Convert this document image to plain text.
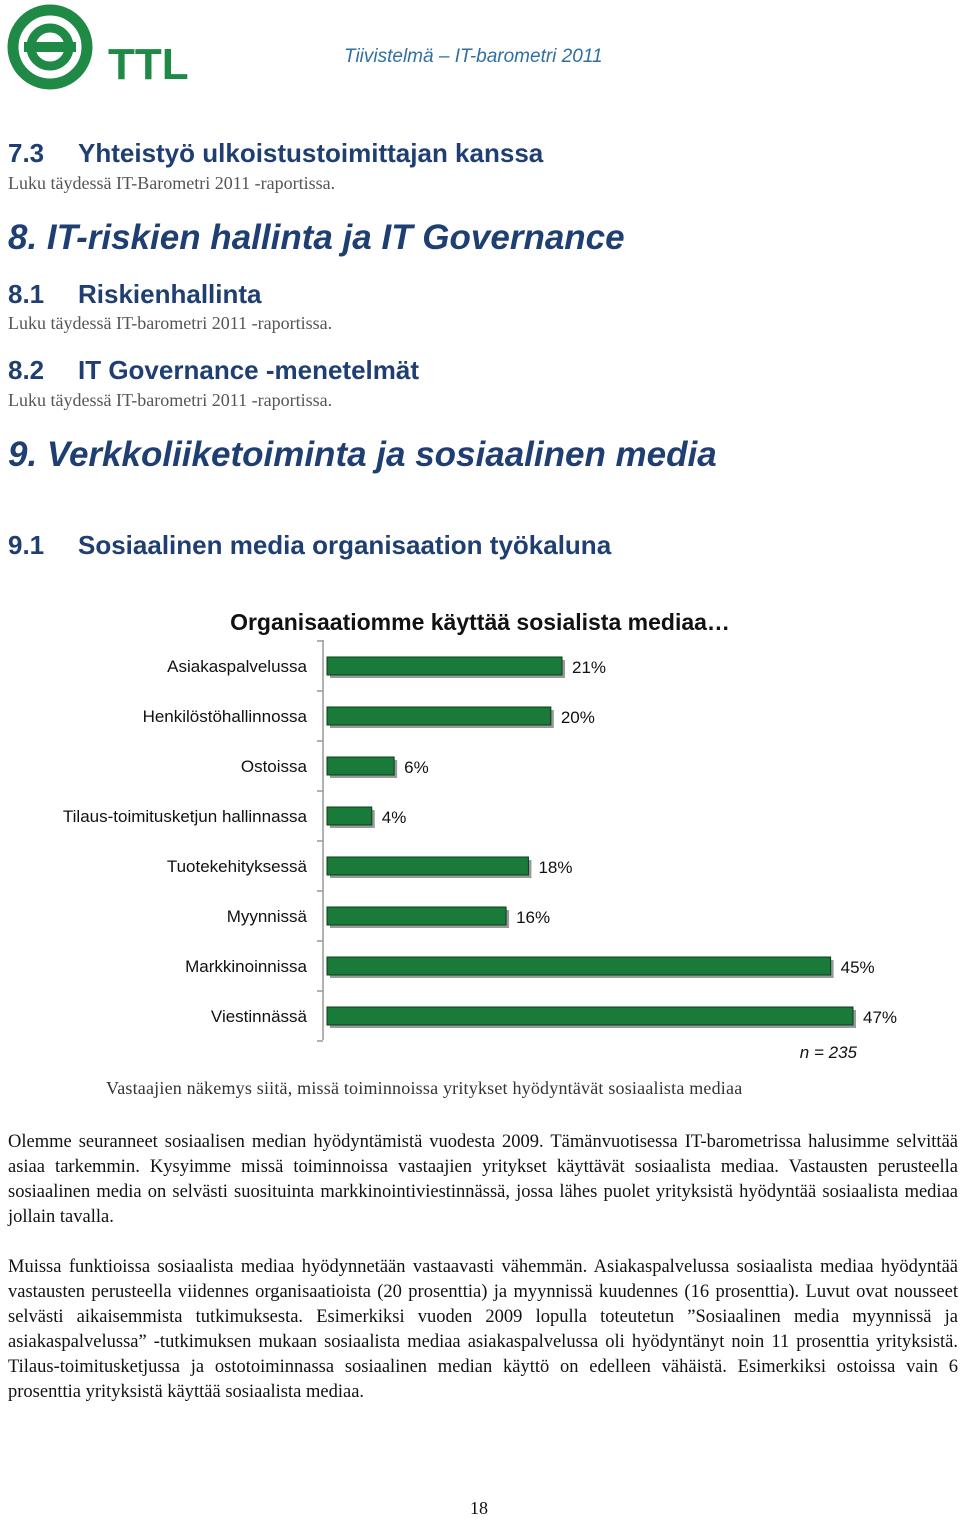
TTL	Tiivistelmä – IT-barometri 2011
7.3 Yhteistyö ulkoistustoimittajan kanssa
Luku täydessä IT-Barometri 2011 -raportissa.
8. IT-riskien hallinta ja IT Governance
8.1 Riskienhallinta
Luku täydessä IT-barometri 2011 -raportissa.
8.2 IT Governance -menetelmät
Luku täydessä IT-barometri 2011 -raportissa.
9. Verkkoliiketoiminta ja sosiaalinen media
9.1 Sosiaalinen media organisaation työkaluna
Organisaatiomme käyttää sosialista mediaa…
Asiakaspalvelussa	21%
Henkilöstöhallinnossa	20%
Ostoissa	6%
Tilaus-toimitusketjun hallinnassa	4%
Tuotekehityksessä	18%
Myynnissä	16%
Markkinoinnissa	45%
Viestinnässä	47%
n = 235
Vastaajien näkemys siitä, missä toiminnoissa yritykset hyödyntävät sosiaalista mediaa

Olemme seuranneet sosiaalisen median hyödyntämistä vuodesta 2009. Tämänvuotisessa IT-barometrissa halusimme selvittää asiaa tarkemmin. Kysyimme missä toiminnoissa vastaajien yritykset käyttävät sosiaalista mediaa. Vastausten perusteella sosiaalinen media on selvästi suosituinta markkinointiviestinnässä, jossa lähes puolet yrityksistä hyödyntää sosiaalista mediaa jollain tavalla.

Muissa funktioissa sosiaalista mediaa hyödynnetään vastaavasti vähemmän. Asiakaspalvelussa sosiaalista mediaa hyödyntää vastausten perusteella viidennes organisaatioista (20 prosenttia) ja myynnissä kuudennes (16 prosenttia). Luvut ovat nousseet selvästi aikaisemmista tutkimuksesta. Esimerkiksi vuoden 2009 lopulla toteutetun ”Sosiaalinen media myynnissä ja asiakaspalvelussa” -tutkimuksen mukaan sosiaalista mediaa asiakaspalvelussa oli hyödyntänyt noin 11 prosenttia yrityksistä. Tilaus-toimitusketjussa ja ostotoiminnassa sosiaalinen median käyttö on edelleen vähäistä. Esimerkiksi ostoissa vain 6 prosenttia yrityksistä käyttää sosiaalista mediaa.

18
